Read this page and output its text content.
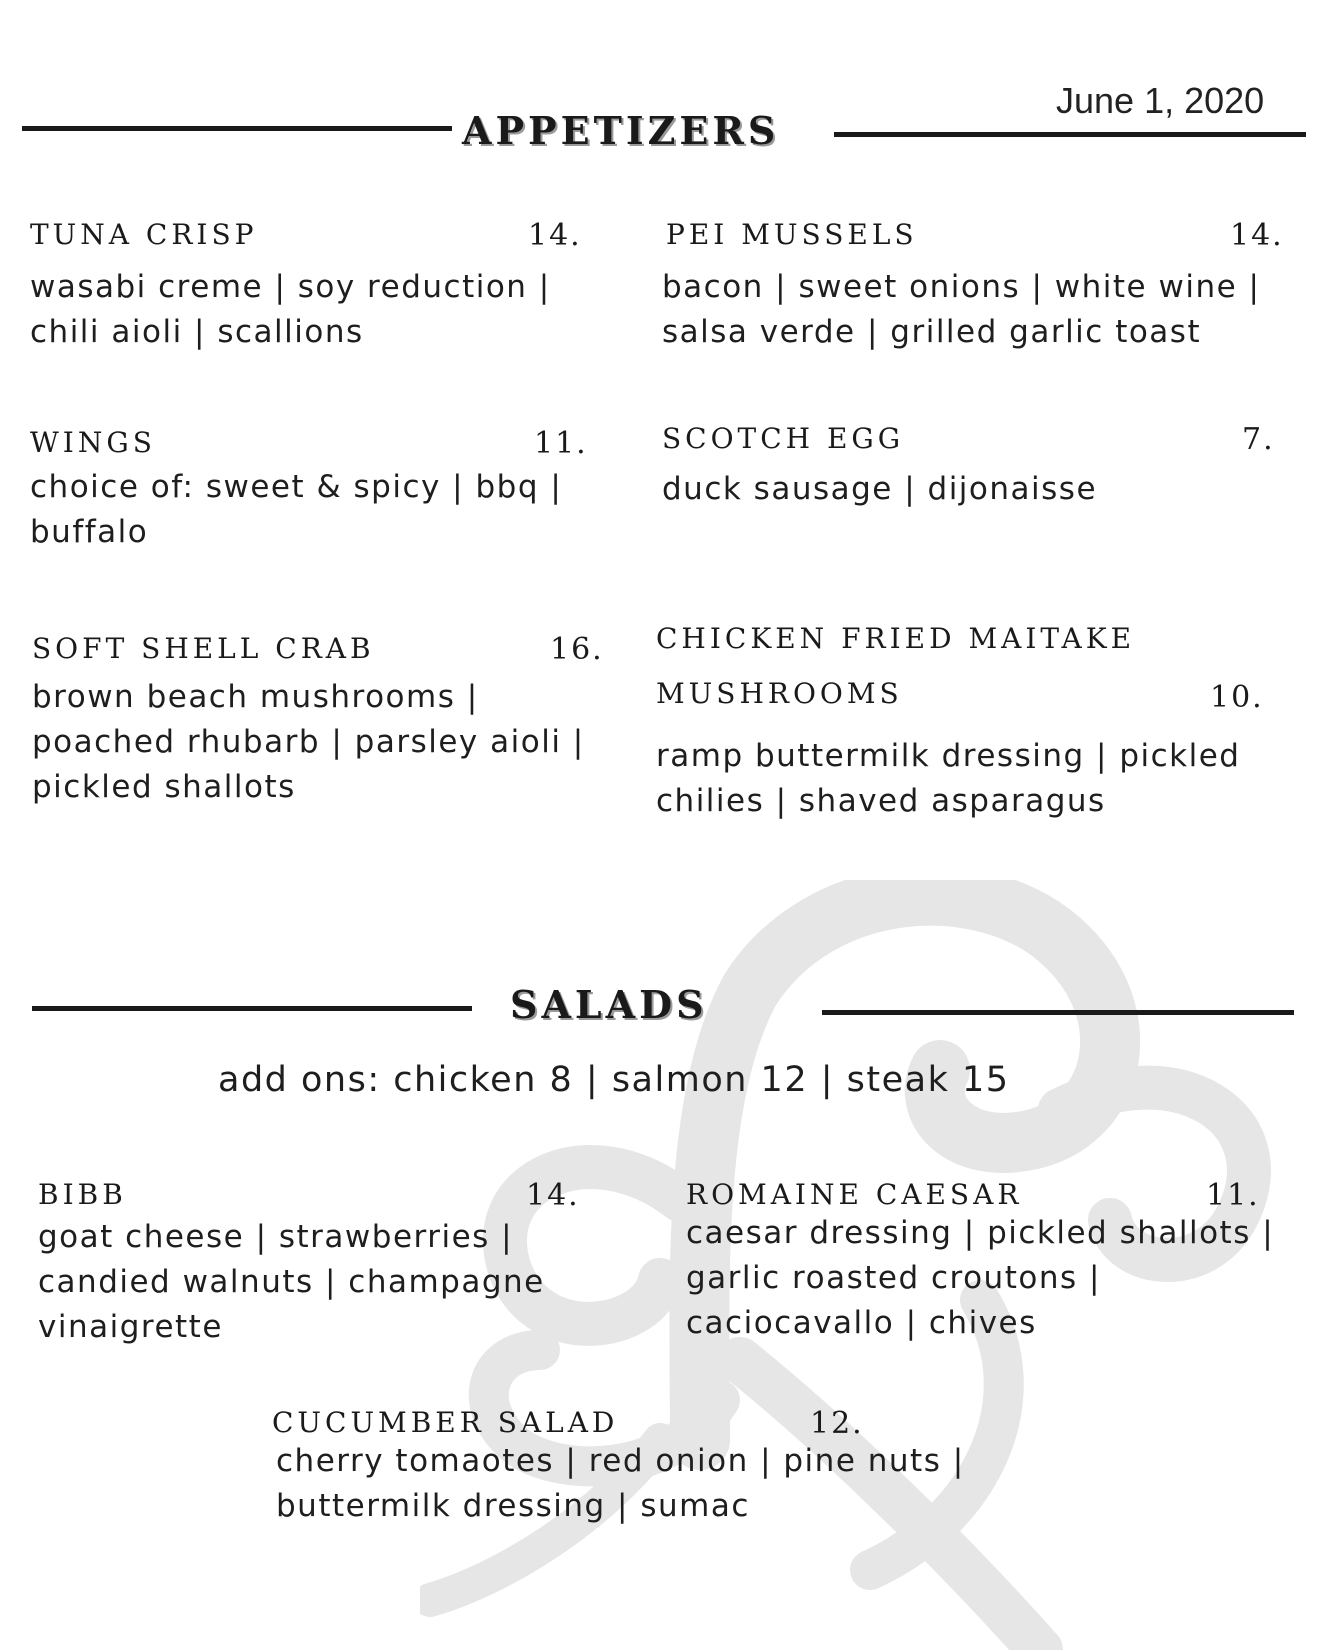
June 1, 2020
APPETIZERS
TUNA CRISP	14.
wasabi creme | soy reduction | chili aioli | scallions
PEI MUSSELS	14.
bacon | sweet onions | white wine | salsa verde | grilled garlic toast
WINGS	11.
choice of: sweet & spicy | bbq | buffalo
SCOTCH EGG	7.
duck sausage | dijonaisse
SOFT SHELL CRAB	16.
brown beach mushrooms | poached rhubarb | parsley aioli | pickled shallots
CHICKEN FRIED MAITAKE
MUSHROOMS	10.
ramp buttermilk dressing | pickled chilies | shaved asparagus
SALADS
add ons: chicken 8 | salmon 12 | steak 15
BIBB	14.
goat cheese | strawberries | candied walnuts | champagne vinaigrette
ROMAINE CAESAR	11.
caesar dressing | pickled shallots | garlic roasted croutons | caciocavallo | chives
CUCUMBER SALAD	12.
cherry tomaotes | red onion | pine nuts | buttermilk dressing | sumac
